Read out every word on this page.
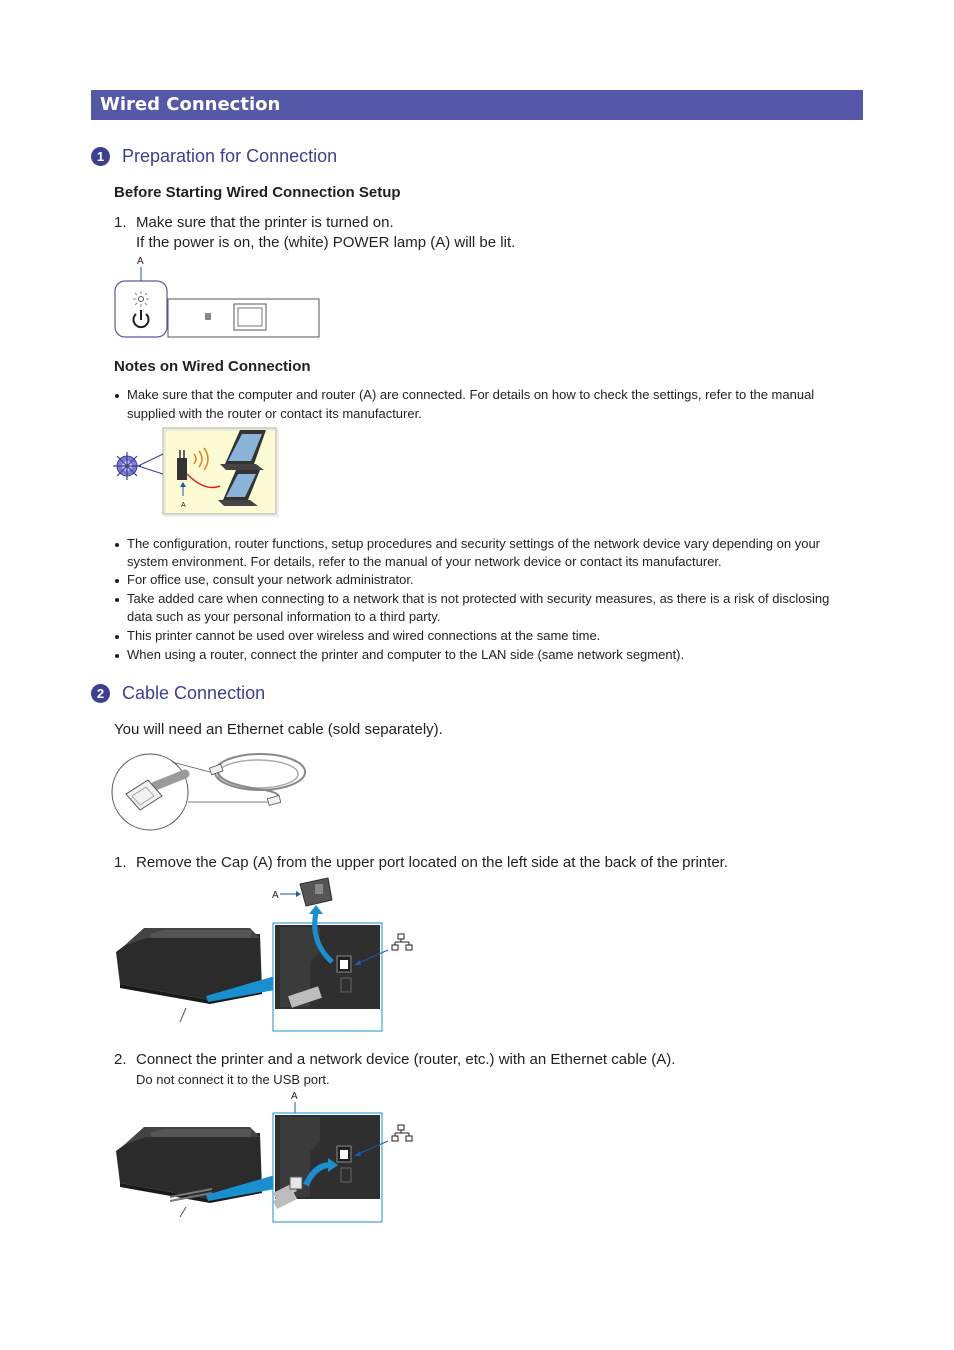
Wired Connection
1 Preparation for Connection
Before Starting Wired Connection Setup
1. Make sure that the printer is turned on.
If the power is on, the (white) POWER lamp (A) will be lit.
A
Notes on Wired Connection
Make sure that the computer and router (A) are connected. For details on how to check the settings, refer to the manual
supplied with the router or contact its manufacturer.
A
The configuration, router functions, setup procedures and security settings of the network device vary depending on your
system environment. For details, refer to the manual of your network device or contact its manufacturer.
For office use, consult your network administrator.
Take added care when connecting to a network that is not protected with security measures, as there is a risk of disclosing
data such as your personal information to a third party.
This printer cannot be used over wireless and wired connections at the same time.
When using a router, connect the printer and computer to the LAN side (same network segment).
2 Cable Connection
You will need an Ethernet cable (sold separately).
1. Remove the Cap (A) from the upper port located on the left side at the back of the printer.
A
2. Connect the printer and a network device (router, etc.) with an Ethernet cable (A).
Do not connect it to the USB port.
A
